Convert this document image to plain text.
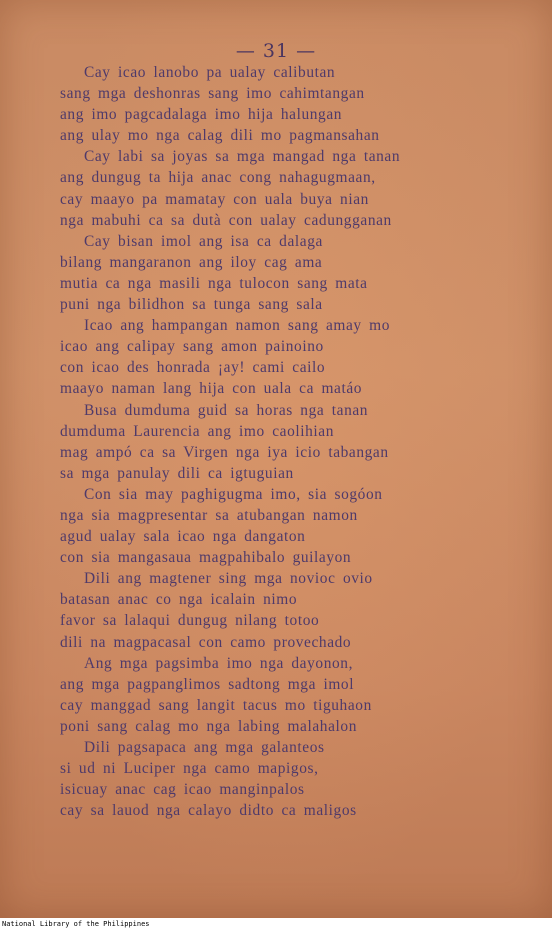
— 31 —
Cay icao lanobo pa ualay calibutan
sang mga deshonras sang imo cahimtangan
ang imo pagcadalaga imo hija halungan
ang ulay mo nga calag dili mo pagmansahan
Cay labi sa joyas sa mga mangad nga tanan
ang dungug ta hija anac cong nahagugmaan,
cay maayo pa mamatay con uala buya nian
nga mabuhi ca sa dutà con ualay cadungganan
Cay bisan imol ang isa ca dalaga
bilang mangaranon ang iloy cag ama
mutia ca nga masili nga tulocon sang mata
puni nga bilidhon sa tunga sang sala
Icao ang hampangan namon sang amay mo
icao ang calipay sang amon painoino
con icao des honrada ¡ay! cami cailo
maayo naman lang hija con uala ca matáo
Busa dumduma guid sa horas nga tanan
dumduma Laurencia ang imo caolihian
mag ampó ca sa Virgen nga iya icio tabangan
sa mga panulay dili ca igtuguian
Con sia may paghigugma imo, sia sogóon
nga sia magpresentar sa atubangan namon
agud ualay sala icao nga dangaton
con sia mangasaua magpahibalo guilayon
Dili ang magtener sing mga novioc ovio
batasan anac co nga icalain nimo
favor sa lalaqui dungug nilang totoo
dili na magpacasal con camo provechado
Ang mga pagsimba imo nga dayonon,
ang mga pagpanglimos sadtong mga imol
cay manggad sang langit tacus mo tiguhaon
poni sang calag mo nga labing malahalon
Dili pagsapaca ang mga galanteos
si ud ni Luciper nga camo mapigos,
isicuay anac cag icao manginpalos
cay sa lauod nga calayo didto ca maligos
National Library of the Philippines
